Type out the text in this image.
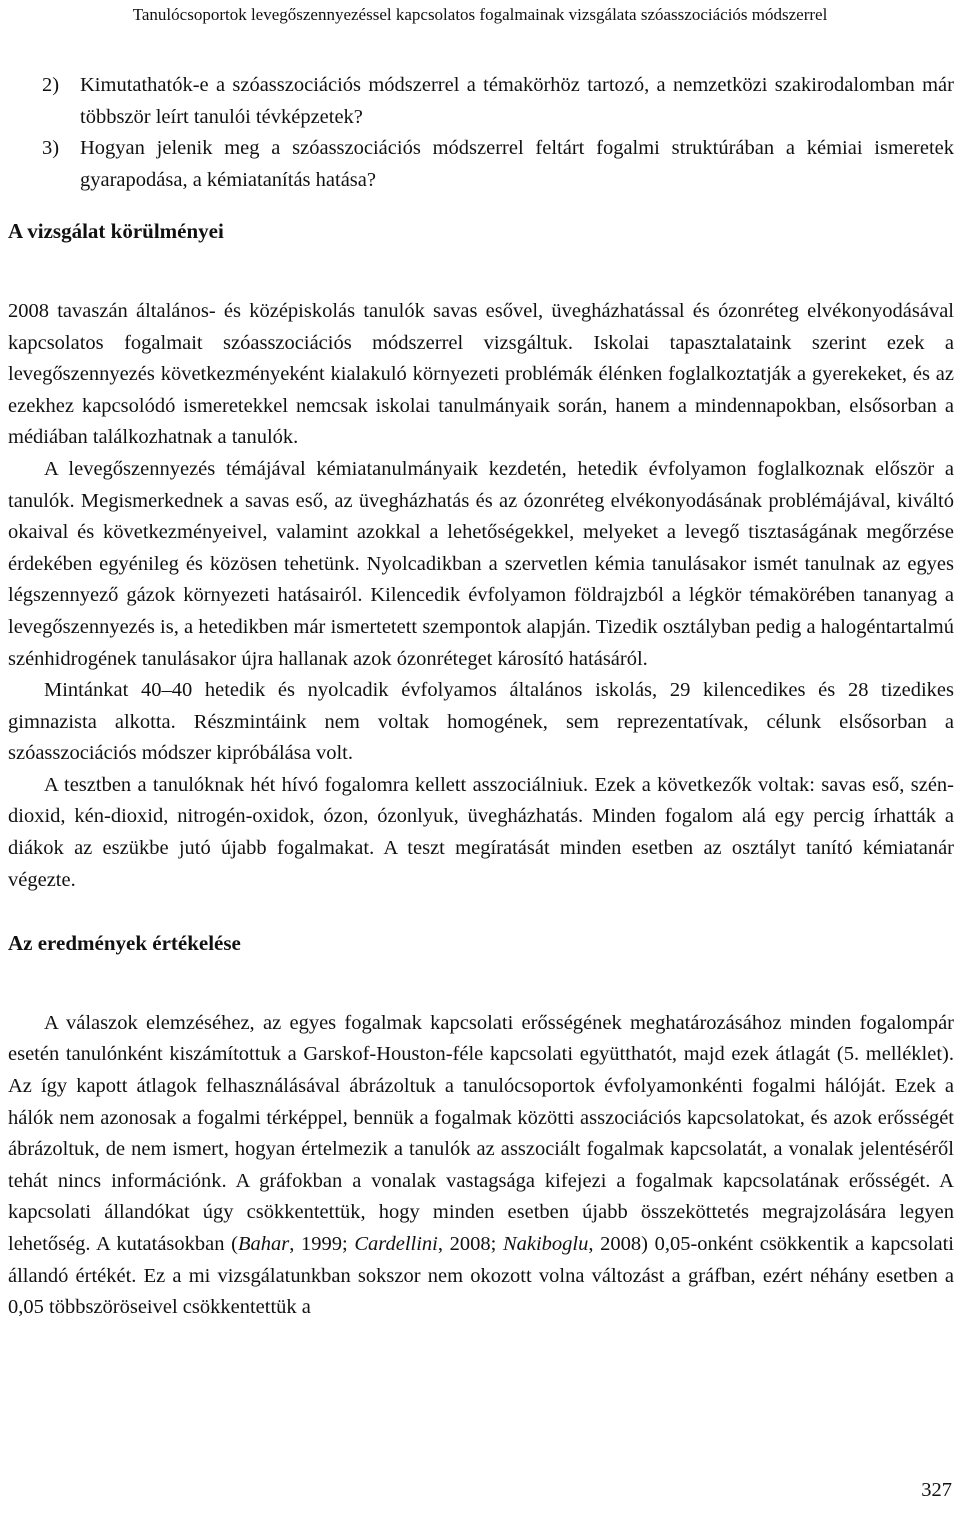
Tanulócsoportok levegőszennyezéssel kapcsolatos fogalmainak vizsgálata szóasszociációs módszerrel
2)	Kimutathatók-e a szóasszociációs módszerrel a témakörhöz tartozó, a nemzetközi szakirodalomban már többször leírt tanulói tévképzetek?
3)	Hogyan jelenik meg a szóasszociációs módszerrel feltárt fogalmi struktúrában a kémiai ismeretek gyarapodása, a kémiatanítás hatása?
A vizsgálat körülményei

2008 tavaszán általános- és középiskolás tanulók savas esővel, üvegházhatással és ózonréteg elvékonyodásával kapcsolatos fogalmait szóasszociációs módszerrel vizsgáltuk. Iskolai tapasztalataink szerint ezek a levegőszennyezés következményeként kialakuló környezeti problémák élénken foglalkoztatják a gyerekeket, és az ezekhez kapcsolódó ismeretekkel nemcsak iskolai tanulmányaik során, hanem a mindennapokban, elsősorban a médiában találkozhatnak a tanulók.

A levegőszennyezés témájával kémiatanulmányaik kezdetén, hetedik évfolyamon foglalkoznak először a tanulók. Megismerkednek a savas eső, az üvegházhatás és az ózonréteg elvékonyodásának problémájával, kiváltó okaival és következményeivel, valamint azokkal a lehetőségekkel, melyeket a levegő tisztaságának megőrzése érdekében egyénileg és közösen tehetünk. Nyolcadikban a szervetlen kémia tanulásakor ismét tanulnak az egyes légszennyező gázok környezeti hatásairól. Kilencedik évfolyamon földrajzból a légkör témakörében tananyag a levegőszennyezés is, a hetedikben már ismertetett szempontok alapján. Tizedik osztályban pedig a halogéntartalmú szénhidrogének tanulásakor újra hallanak azok ózonréteget károsító hatásáról.

Mintánkat 40–40 hetedik és nyolcadik évfolyamos általános iskolás, 29 kilencedikes és 28 tizedikes gimnazista alkotta. Részmintáink nem voltak homogének, sem reprezentatívak, célunk elsősorban a szóasszociációs módszer kipróbálása volt.

A tesztben a tanulóknak hét hívó fogalomra kellett asszociálniuk. Ezek a következők voltak: savas eső, szén-dioxid, kén-dioxid, nitrogén-oxidok, ózon, ózonlyuk, üvegházhatás. Minden fogalom alá egy percig írhatták a diákok az eszükbe jutó újabb fogalmakat. A teszt megíratását minden esetben az osztályt tanító kémiatanár végezte.

Az eredmények értékelése

A válaszok elemzéséhez, az egyes fogalmak kapcsolati erősségének meghatározásához minden fogalompár esetén tanulónként kiszámítottuk a Garskof-Houston-féle kapcsolati együtthatót, majd ezek átlagát (5. melléklet). Az így kapott átlagok felhasználásával ábrázoltuk a tanulócsoportok évfolyamonkénti fogalmi hálóját. Ezek a hálók nem azonosak a fogalmi térképpel, bennük a fogalmak közötti asszociációs kapcsolatokat, és azok erősségét ábrázoltuk, de nem ismert, hogyan értelmezik a tanulók az asszociált fogalmak kapcsolatát, a vonalak jelentéséről tehát nincs információnk. A gráfokban a vonalak vastagsága kifejezi a fogalmak kapcsolatának erősségét. A kapcsolati állandókat úgy csökkentettük, hogy minden esetben újabb összeköttetés megrajzolására legyen lehetőség. A kutatásokban (Bahar, 1999; Cardellini, 2008; Nakiboglu, 2008) 0,05-onként csökkentik a kapcsolati állandó értékét. Ez a mi vizsgálatunkban sokszor nem okozott volna változást a gráfban, ezért néhány esetben a 0,05 többszöröseivel csökkentettük a

327
